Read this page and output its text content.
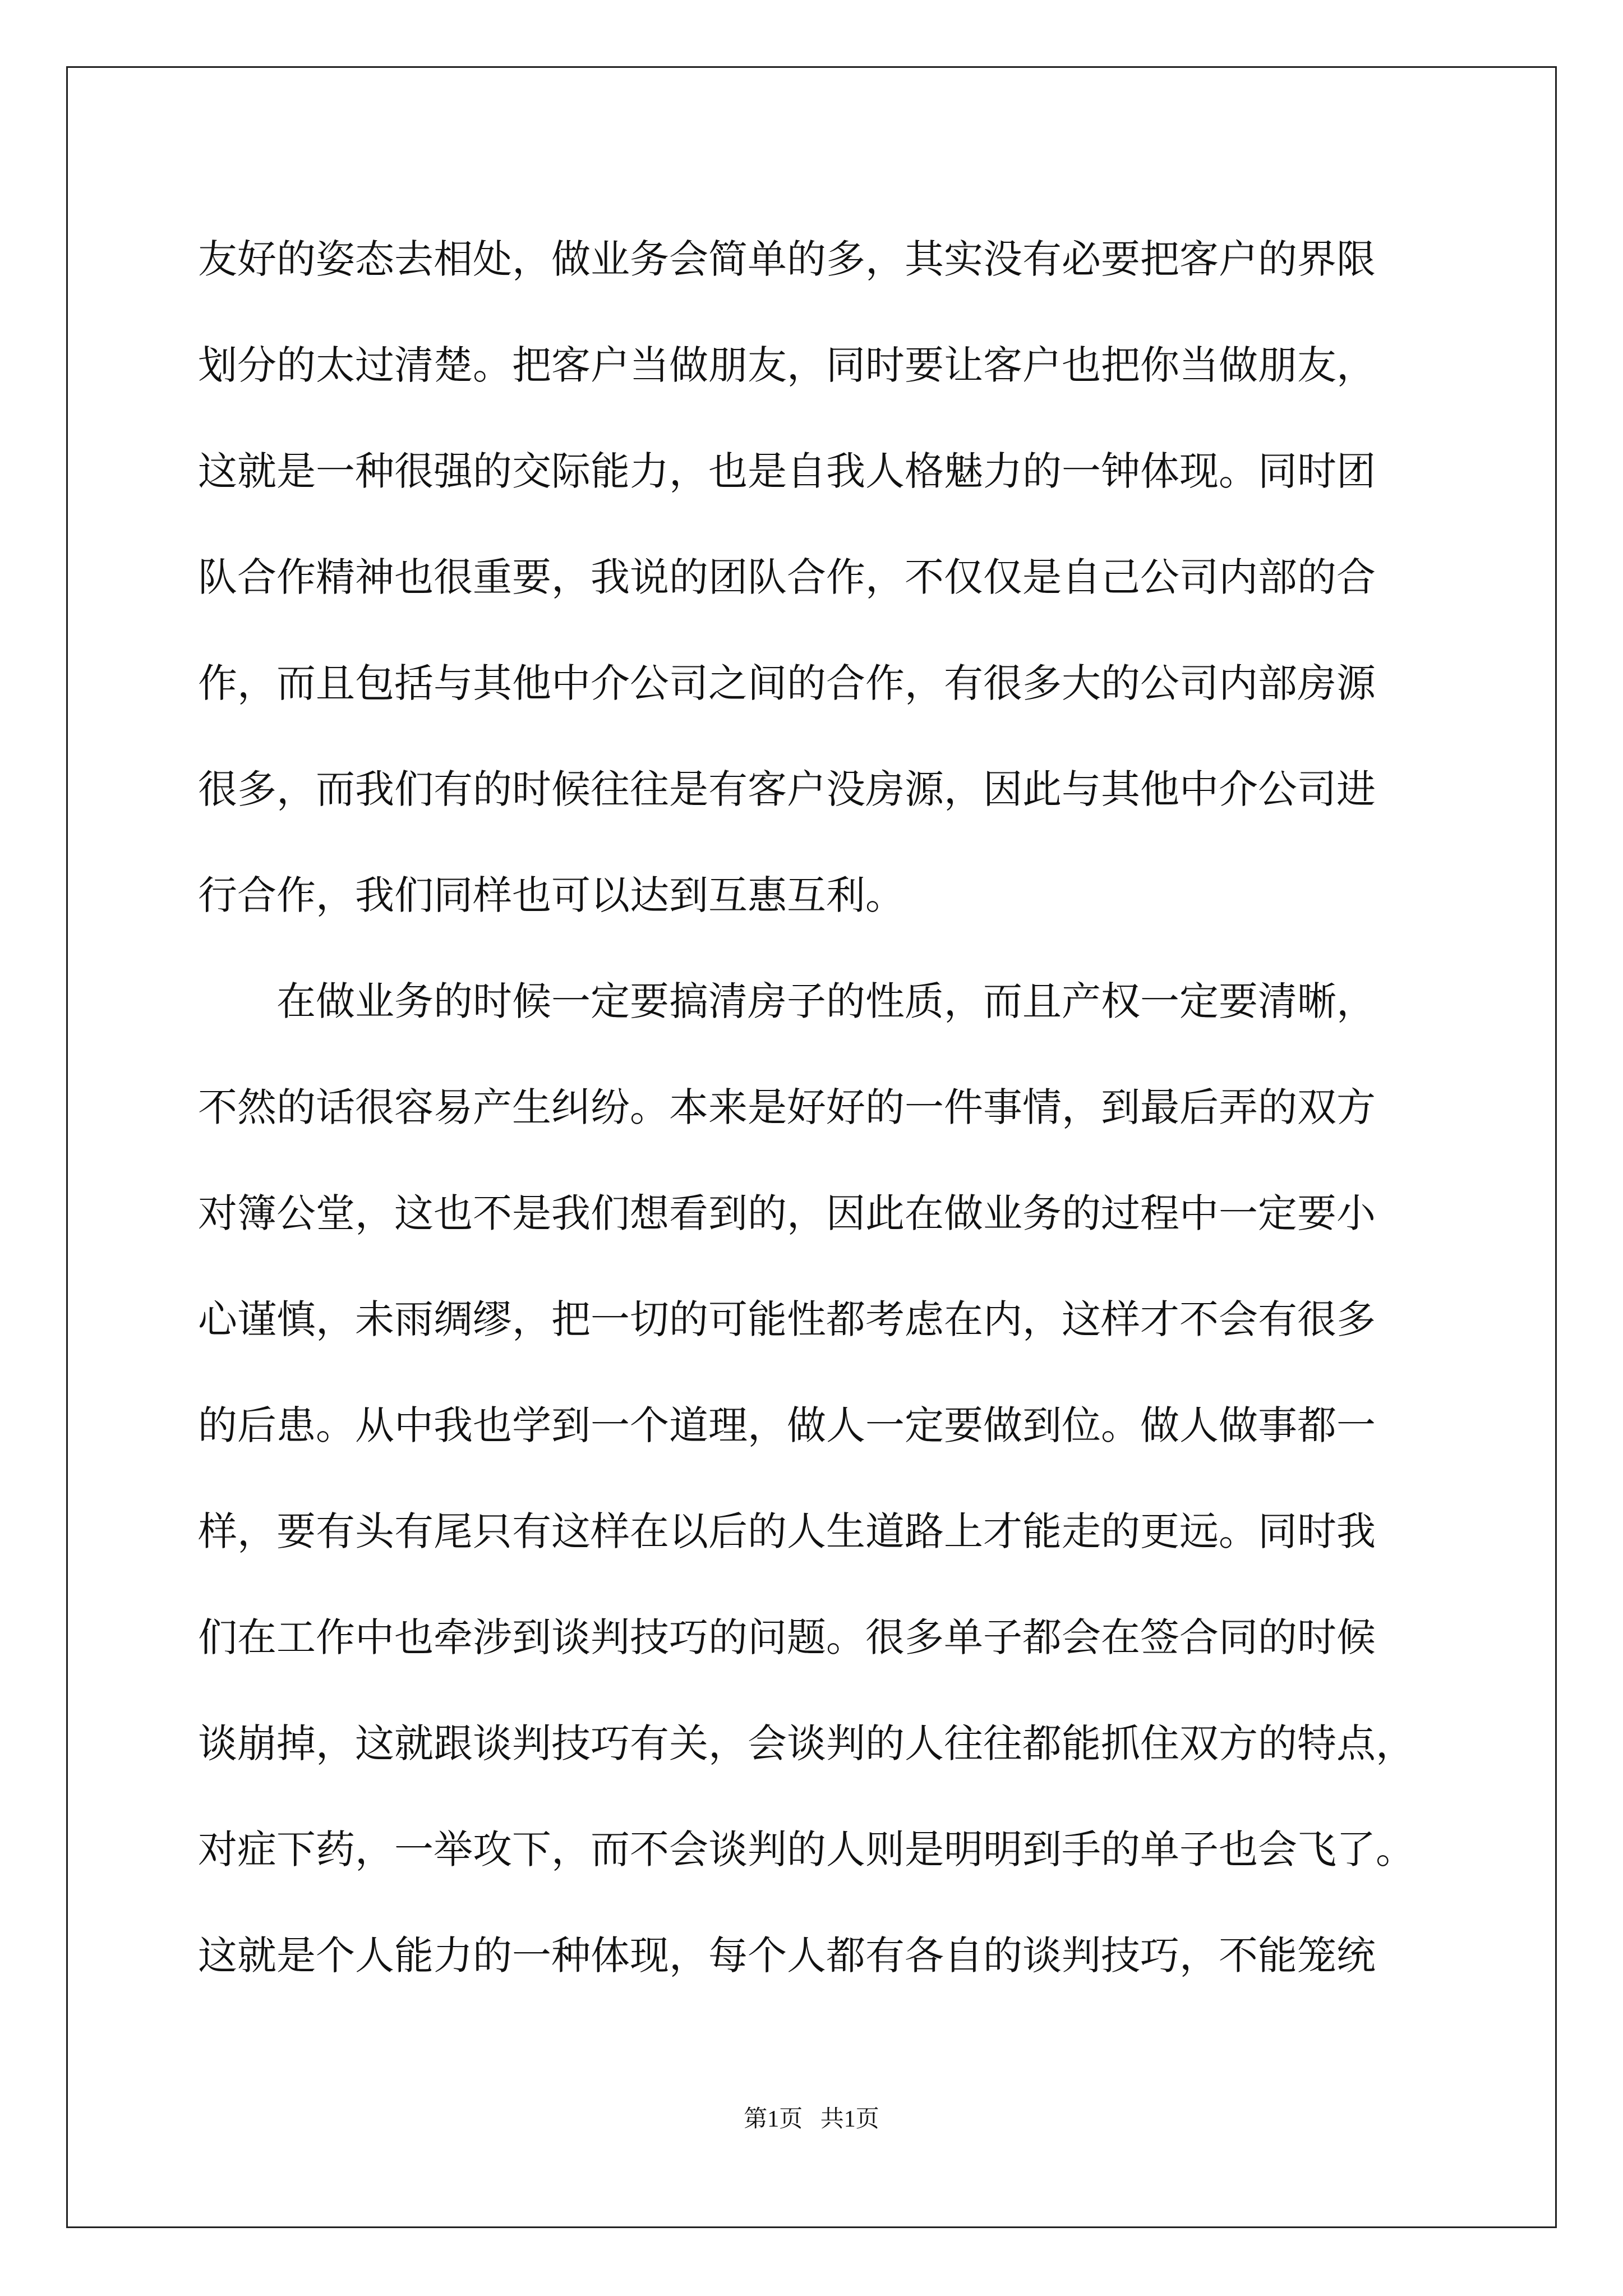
友好的姿态去相处，做业务会简单的多，其实没有必要把客户的界限
划分的太过清楚。把客户当做朋友，同时要让客户也把你当做朋友，
这就是一种很强的交际能力，也是自我人格魅力的一钟体现。同时团
队合作精神也很重要，我说的团队合作，不仅仅是自己公司内部的合
作，而且包括与其他中介公司之间的合作，有很多大的公司内部房源
很多，而我们有的时候往往是有客户没房源，因此与其他中介公司进
行合作，我们同样也可以达到互惠互利。
在做业务的时候一定要搞清房子的性质，而且产权一定要清晰，
不然的话很容易产生纠纷。本来是好好的一件事情，到最后弄的双方
对簿公堂，这也不是我们想看到的，因此在做业务的过程中一定要小
心谨慎，未雨绸缪，把一切的可能性都考虑在内，这样才不会有很多
的后患。从中我也学到一个道理，做人一定要做到位。做人做事都一
样，要有头有尾只有这样在以后的人生道路上才能走的更远。同时我
们在工作中也牵涉到谈判技巧的问题。很多单子都会在签合同的时候
谈崩掉，这就跟谈判技巧有关，会谈判的人往往都能抓住双方的特点，
对症下药，一举攻下，而不会谈判的人则是明明到手的单子也会飞了。
这就是个人能力的一种体现，每个人都有各自的谈判技巧，不能笼统
第1页   共1页
